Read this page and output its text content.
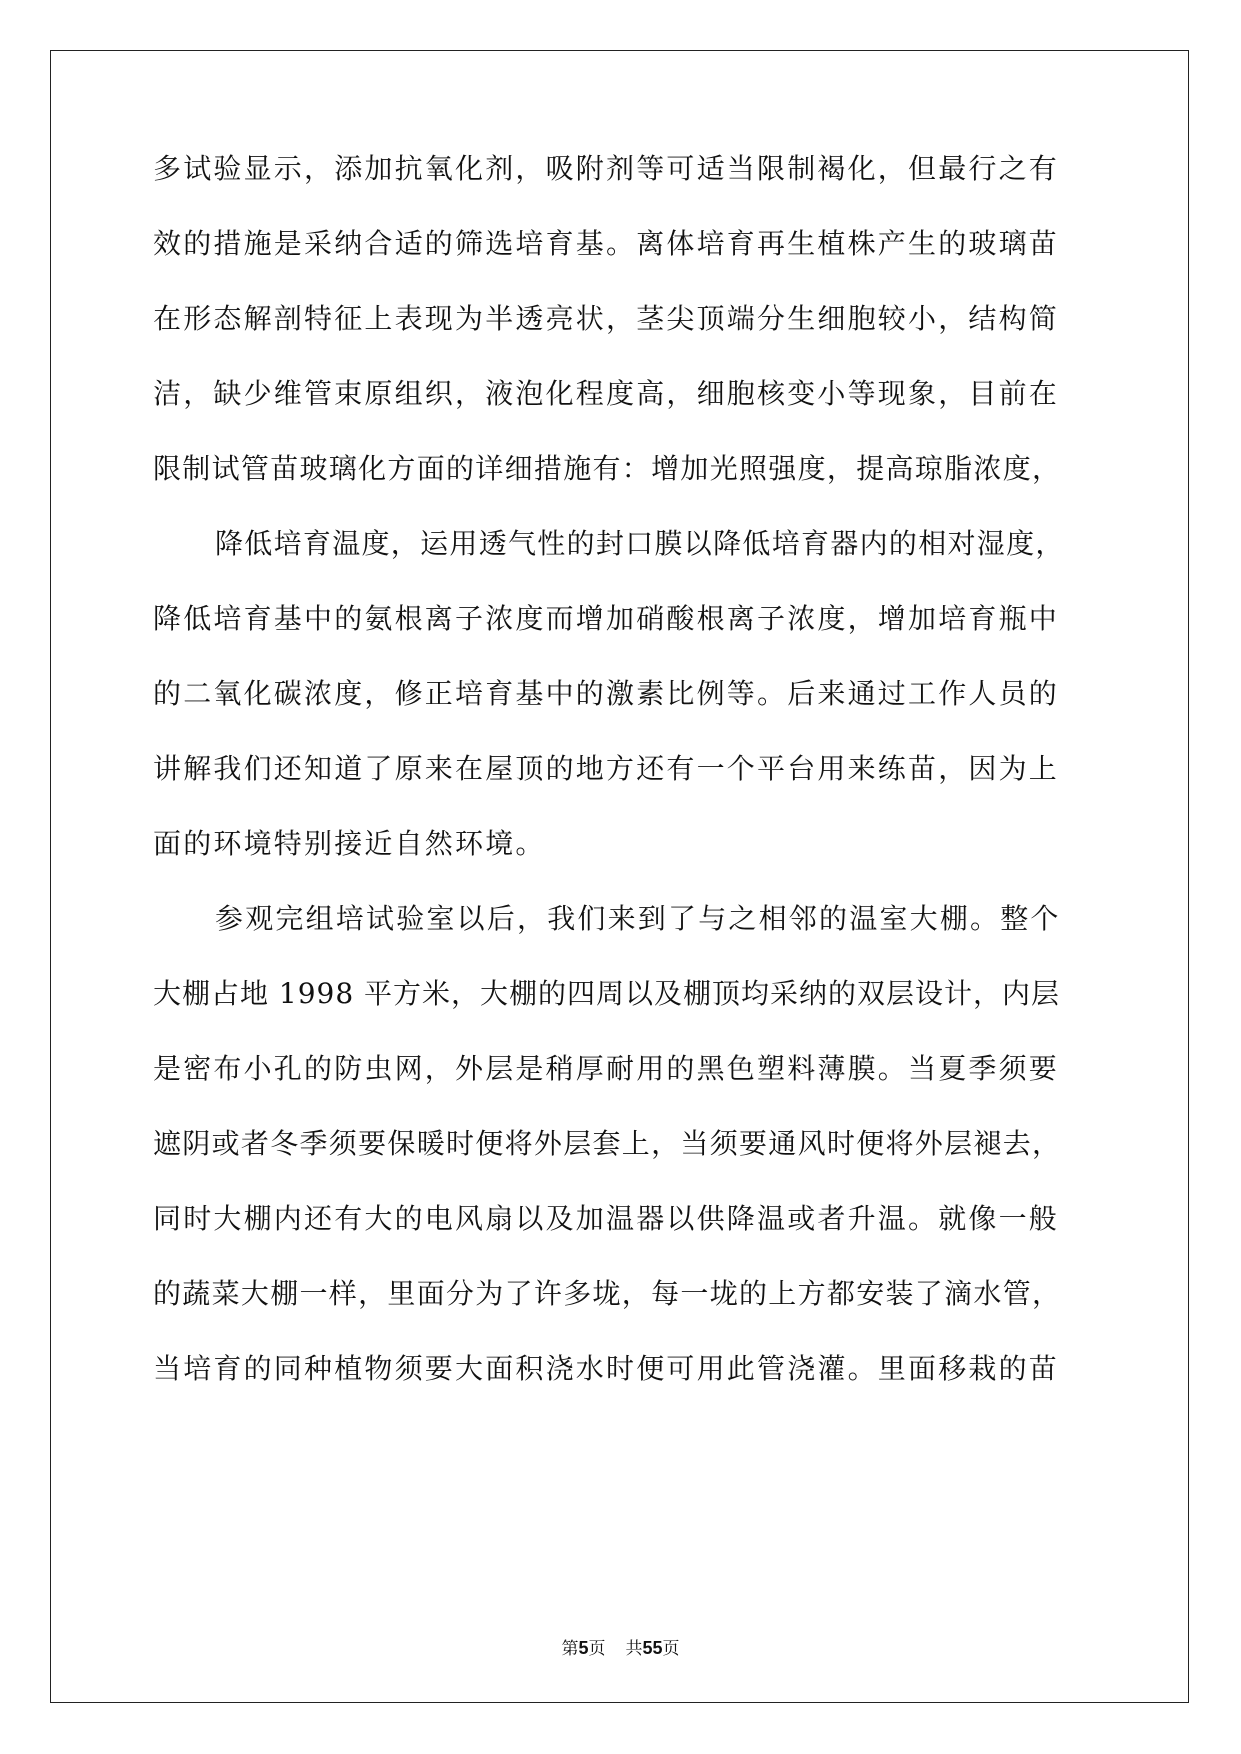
多试验显示，添加抗氧化剂，吸附剂等可适当限制褐化，但最行之有
效的措施是采纳合适的筛选培育基。离体培育再生植株产生的玻璃苗
在形态解剖特征上表现为半透亮状，茎尖顶端分生细胞较小，结构简
洁，缺少维管束原组织，液泡化程度高，细胞核变小等现象，目前在
限制试管苗玻璃化方面的详细措施有：增加光照强度，提高琼脂浓度，
降低培育温度，运用透气性的封口膜以降低培育器内的相对湿度，
降低培育基中的氨根离子浓度而增加硝酸根离子浓度，增加培育瓶中
的二氧化碳浓度，修正培育基中的激素比例等。后来通过工作人员的
讲解我们还知道了原来在屋顶的地方还有一个平台用来练苗，因为上
面的环境特别接近自然环境。
参观完组培试验室以后，我们来到了与之相邻的温室大棚。整个
大棚占地 1998 平方米，大棚的四周以及棚顶均采纳的双层设计，内层
是密布小孔的防虫网，外层是稍厚耐用的黑色塑料薄膜。当夏季须要
遮阴或者冬季须要保暖时便将外层套上，当须要通风时便将外层褪去，
同时大棚内还有大的电风扇以及加温器以供降温或者升温。就像一般
的蔬菜大棚一样，里面分为了许多垅，每一垅的上方都安装了滴水管，
当培育的同种植物须要大面积浇水时便可用此管浇灌。里面移栽的苗
第5页 共55页
